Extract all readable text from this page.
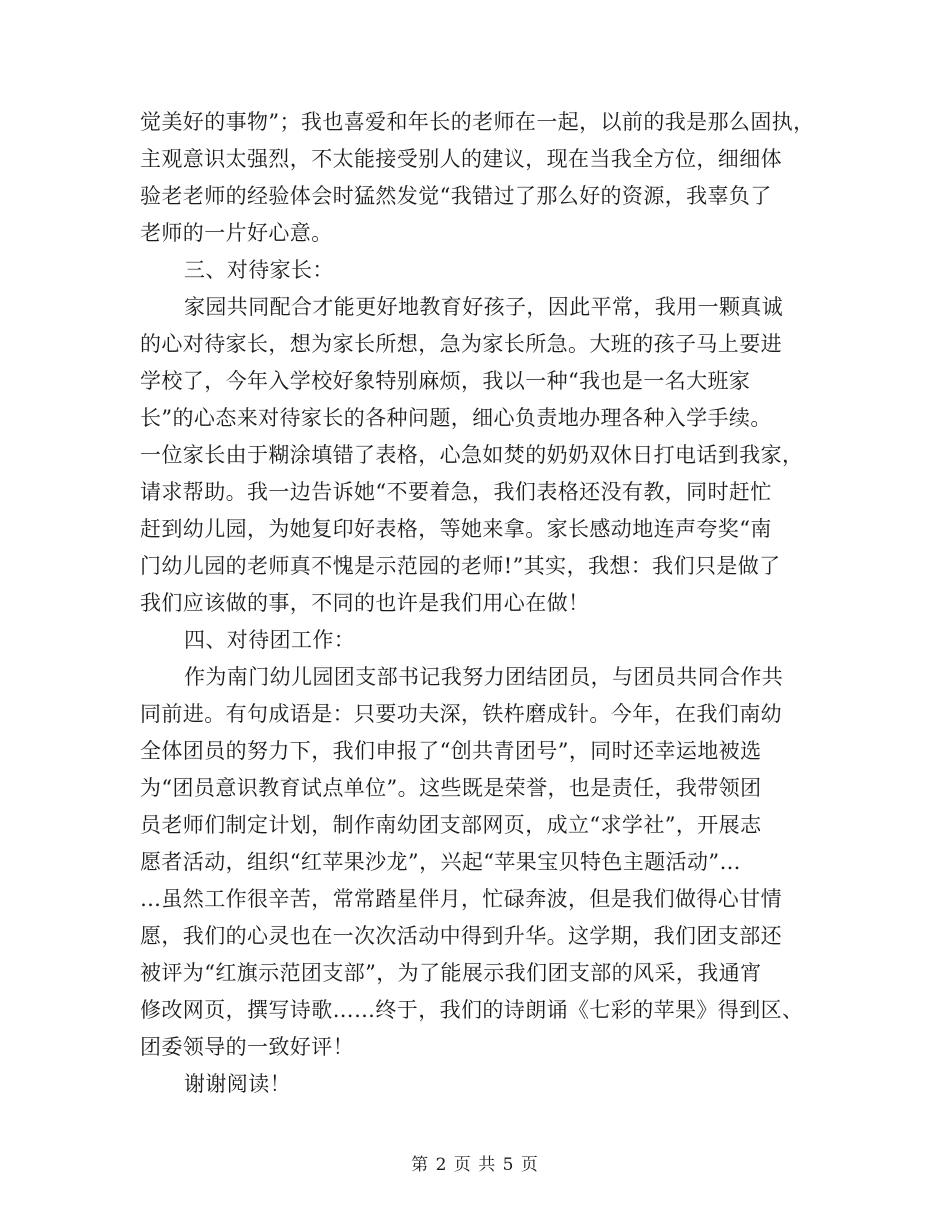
觉美好的事物”；我也喜爱和年长的老师在一起，以前的我是那么固执，
主观意识太强烈，不太能接受别人的建议，现在当我全方位，细细体
验老老师的经验体会时猛然发觉“我错过了那么好的资源，我辜负了
老师的一片好心意。
三、对待家长：
家园共同配合才能更好地教育好孩子，因此平常，我用一颗真诚
的心对待家长，想为家长所想，急为家长所急。大班的孩子马上要进
学校了，今年入学校好象特别麻烦，我以一种“我也是一名大班家
长”的心态来对待家长的各种问题，细心负责地办理各种入学手续。
一位家长由于糊涂填错了表格，心急如焚的奶奶双休日打电话到我家，
请求帮助。我一边告诉她“不要着急，我们表格还没有教，同时赶忙
赶到幼儿园，为她复印好表格，等她来拿。家长感动地连声夸奖“南
门幼儿园的老师真不愧是示范园的老师!”其实，我想：我们只是做了
我们应该做的事，不同的也许是我们用心在做！
四、对待团工作：
作为南门幼儿园团支部书记我努力团结团员，与团员共同合作共
同前进。有句成语是：只要功夫深，铁杵磨成针。今年，在我们南幼
全体团员的努力下，我们申报了“创共青团号”，同时还幸运地被选
为“团员意识教育试点单位”。这些既是荣誉，也是责任，我带领团
员老师们制定计划，制作南幼团支部网页，成立“求学社”，开展志
愿者活动，组织“红苹果沙龙”，兴起“苹果宝贝特色主题活动”…
…虽然工作很辛苦，常常踏星伴月，忙碌奔波，但是我们做得心甘情
愿，我们的心灵也在一次次活动中得到升华。这学期，我们团支部还
被评为“红旗示范团支部”，为了能展示我们团支部的风采，我通宵
修改网页，撰写诗歌……终于，我们的诗朗诵《七彩的苹果》得到区、
团委领导的一致好评！
谢谢阅读！
第 2 页 共 5 页
